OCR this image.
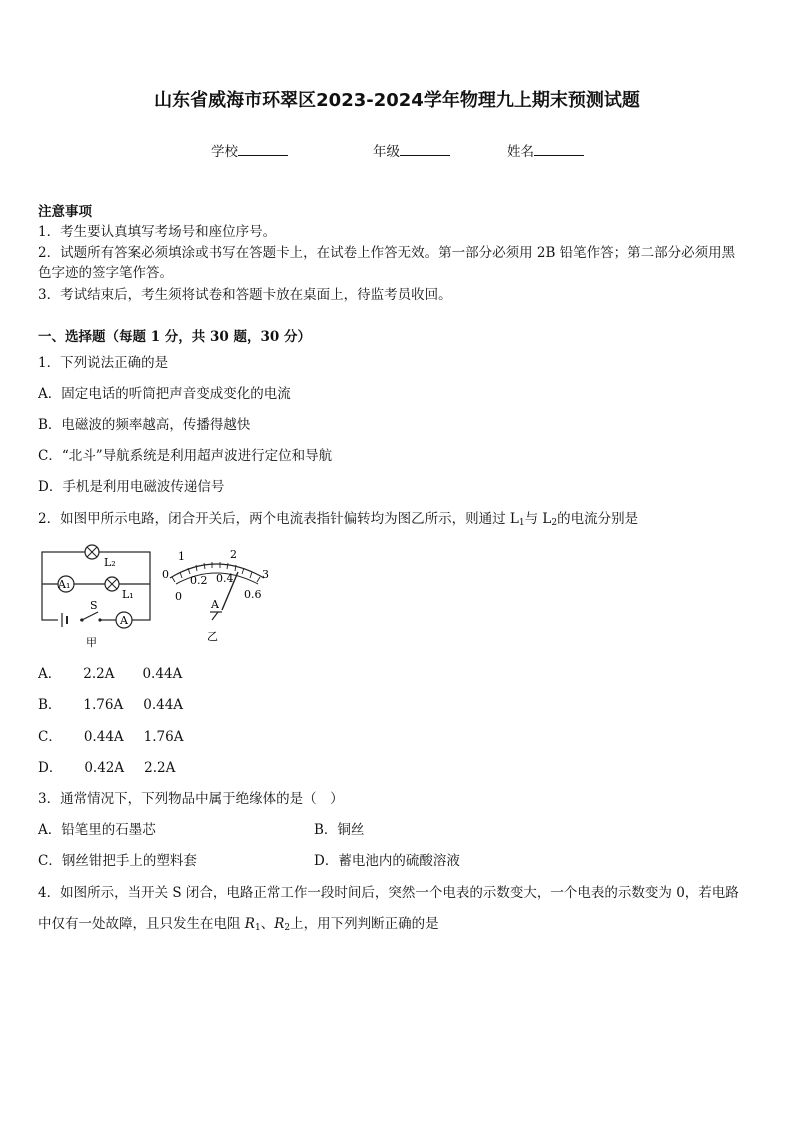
山东省威海市环翠区2023-2024学年物理九上期末预测试题
学校	年级	姓名

注意事项

1．考生要认真填写考场号和座位序号。

2．试题所有答案必须填涂或书写在答题卡上，在试卷上作答无效。第一部分必须用 2B 铅笔作答；第二部分必须用黑

色字迹的签字笔作答。

3．考试结束后，考生须将试卷和答题卡放在桌面上，待监考员收回。

一、选择题（每题 1 分，共 30 题，30 分）

1．下列说法正确的是

A．固定电话的听筒把声音变成变化的电流

B．电磁波的频率越高，传播得越快

C．“北斗”导航系统是利用超声波进行定位和导航

D．手机是利用电磁波传递信号

2．如图甲所示电路，闭合开关后，两个电流表指针偏转均为图乙所示，则通过 $L_1$与 $L_2$的电流分别是

L₂
A₁
L₁
S
A
甲
0
1	2
3
0
0.2 0.4
0.6
A
乙

A． 2.2A 0.44A

B． 1.76A 0.44A

C． 0.44A 1.76A

D． 0.42A 2.2A

3．通常情况下，下列物品中属于绝缘体的是（　）

A．铅笔里的石墨芯	B．铜丝

C．钢丝钳把手上的塑料套	D．蓄电池内的硫酸溶液

4．如图所示，当开关 S 闭合，电路正常工作一段时间后，突然一个电表的示数变大，一个电表的示数变为 0，若电路

中仅有一处故障，且只发生在电阻 $R_1$、$R_2$上，用下列判断正确的是
